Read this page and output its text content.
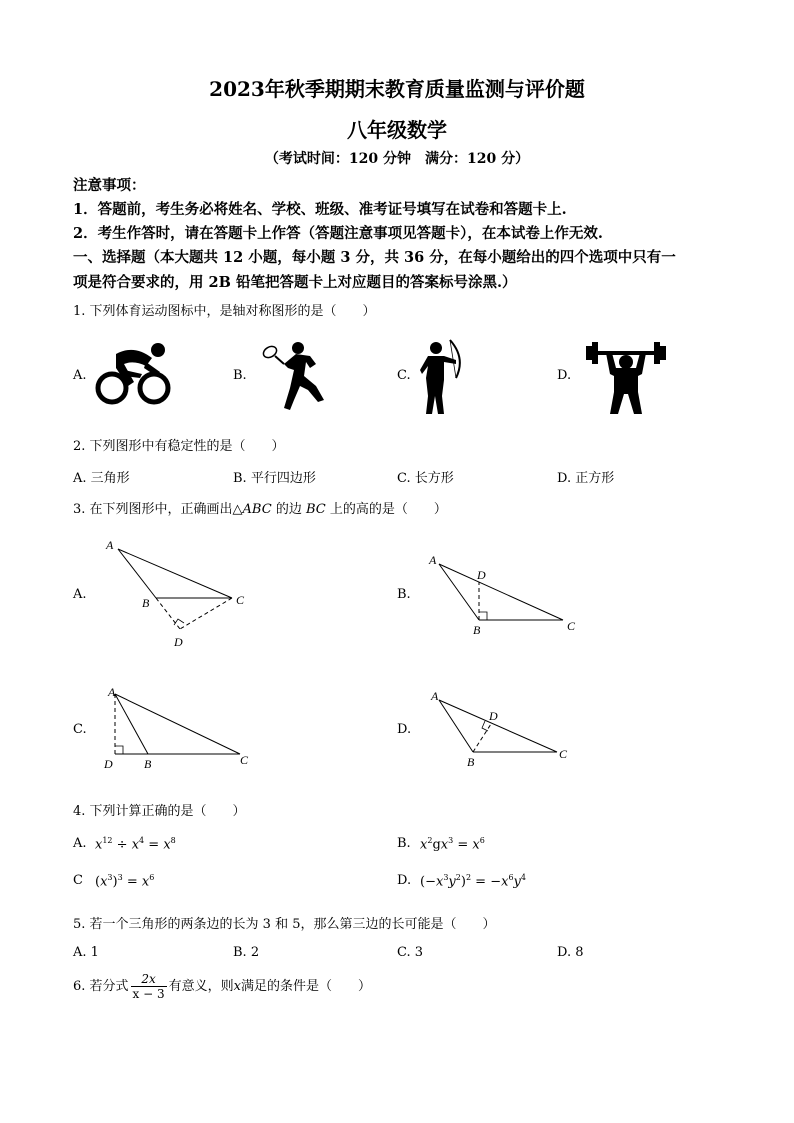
2023年秋季期期末教育质量监测与评价题
八年级数学
（考试时间：120 分钟　满分：120 分）
注意事项：
1．答题前，考生务必将姓名、学校、班级、准考证号填写在试卷和答题卡上.
2．考生作答时，请在答题卡上作答（答题注意事项见答题卡），在本试卷上作无效.
一、选择题（本大题共 12 小题，每小题 3 分，共 36 分，在每小题给出的四个选项中只有一
项是符合要求的，用 2B 铅笔把答题卡上对应题目的答案标号涂黑.）
1. 下列体育运动图标中，是轴对称图形的是（　　）
A.	B.	C.	D.
2. 下列图形中有稳定性的是（　　）
A. 三角形	B. 平行四边形	C. 长方形	D. 正方形
3. 在下列图形中，正确画出△ABC 的边 BC 上的高的是（　　）
A.	B.
C.	D.
A
B	C
D
A
D
B	C
A
D	B	C
A
D
B
C
4. 下列计算正确的是（　　）
A. $x^{12} \div x^4 = x^8$	B. $x^2gx^3 = x^6$
C $(x^3)^3 = x^6$	D. $(-x^3y^2)^2 = -x^6y^4$
5. 若一个三角形的两条边的长为 3 和 5，那么第三边的长可能是（　　）
A. 1	B. 2	C. 3	D. 8
6. 若分式 $\frac{2x}{x - 3}$ 有意义，则x满足的条件是（　　）
